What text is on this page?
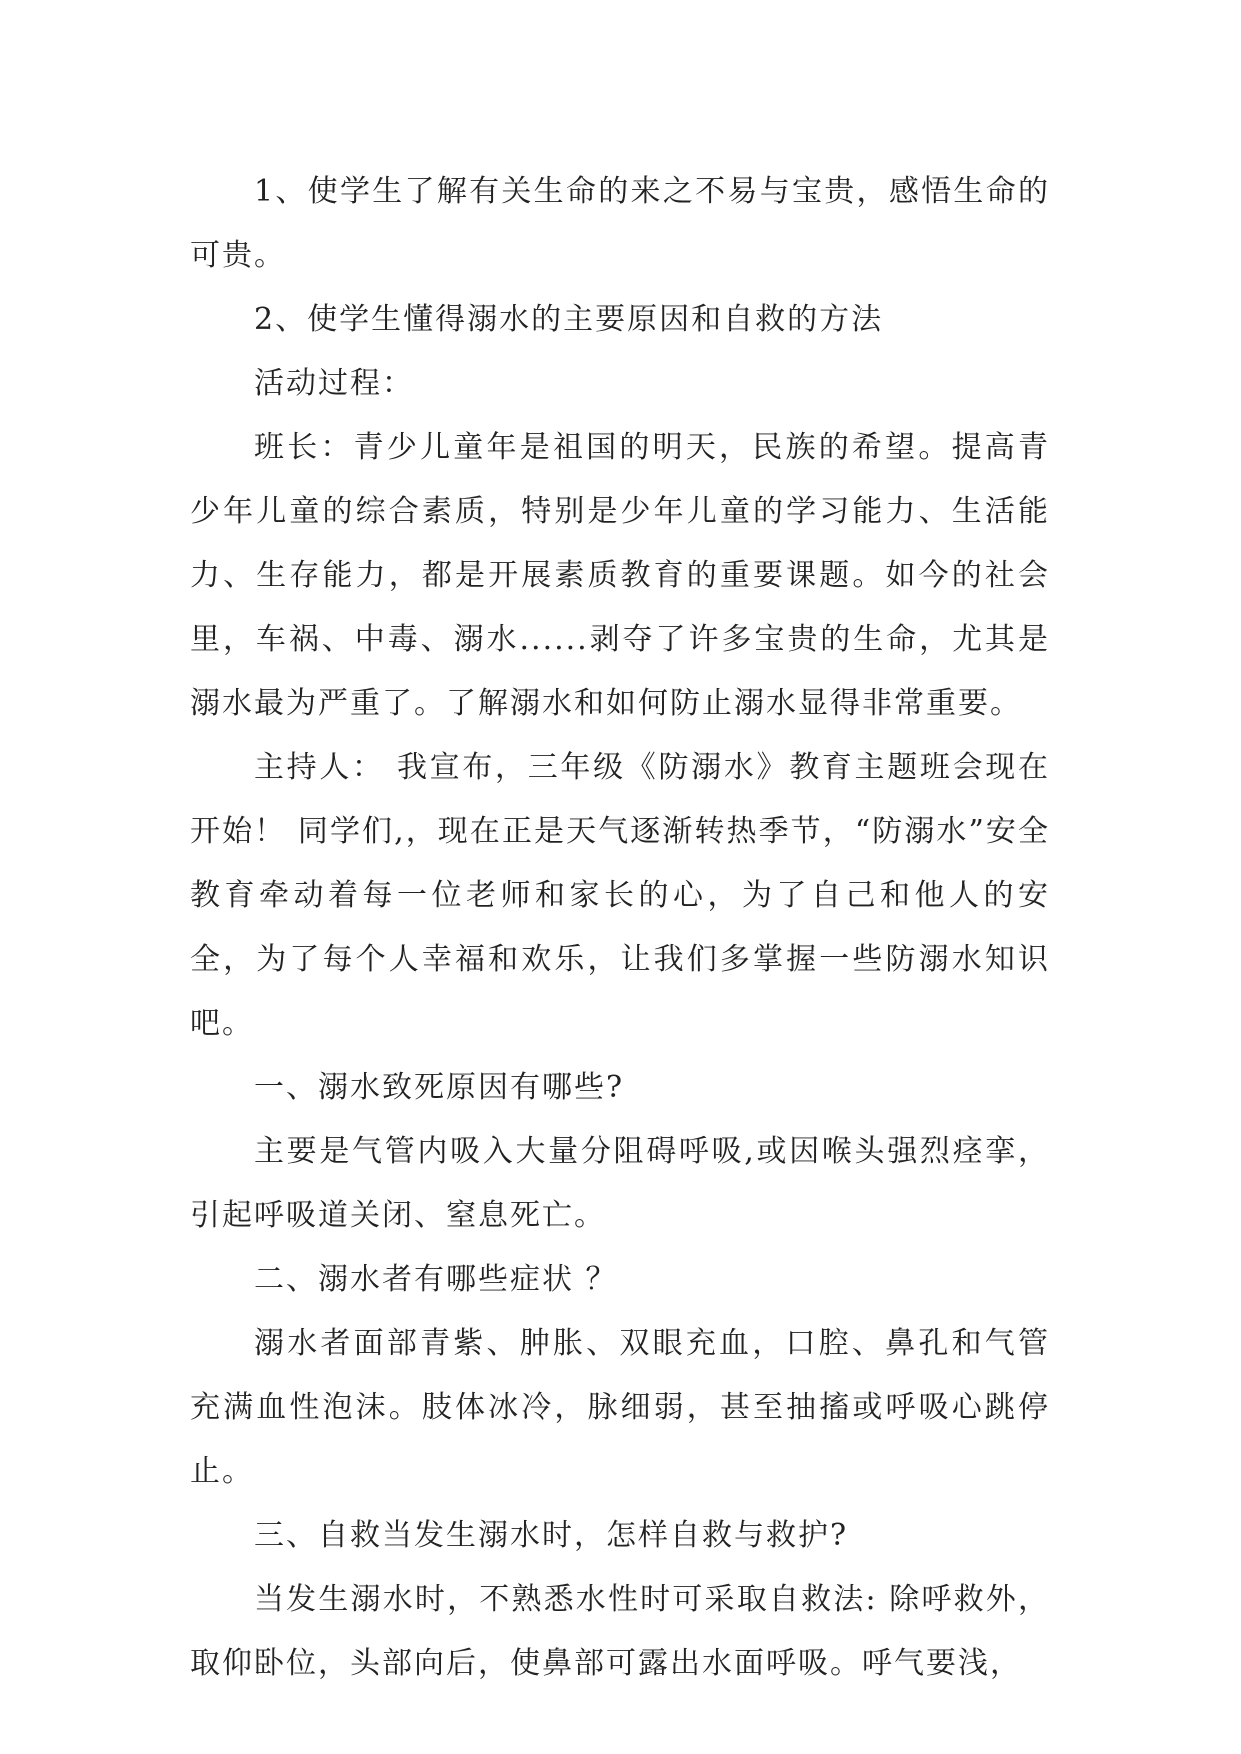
1、使学生了解有关生命的来之不易与宝贵，感悟生命的可贵。

2、使学生懂得溺水的主要原因和自救的方法

活动过程：

班长：青少儿童年是祖国的明天，民族的希望。提高青少年儿童的综合素质，特别是少年儿童的学习能力、生活能力、生存能力，都是开展素质教育的重要课题。如今的社会里，车祸、中毒、溺水......剥夺了许多宝贵的生命，尤其是溺水最为严重了。了解溺水和如何防止溺水显得非常重要。

主持人： 我宣布，三年级《防溺水》教育主题班会现在开始！ 同学们,，现在正是天气逐渐转热季节，“防溺水”安全教育牵动着每一位老师和家长的心，为了自己和他人的安全，为了每个人幸福和欢乐，让我们多掌握一些防溺水知识吧。

一、溺水致死原因有哪些?

主要是气管内吸入大量分阻碍呼吸,或因喉头强烈痉挛，引起呼吸道关闭、窒息死亡。

二、溺水者有哪些症状 ？

溺水者面部青紫、肿胀、双眼充血，口腔、鼻孔和气管充满血性泡沫。肢体冰冷，脉细弱，甚至抽搐或呼吸心跳停止。

三、自救当发生溺水时，怎样自救与救护?

当发生溺水时，不熟悉水性时可采取自救法: 除呼救外，取仰卧位，头部向后，使鼻部可露出水面呼吸。呼气要浅，
